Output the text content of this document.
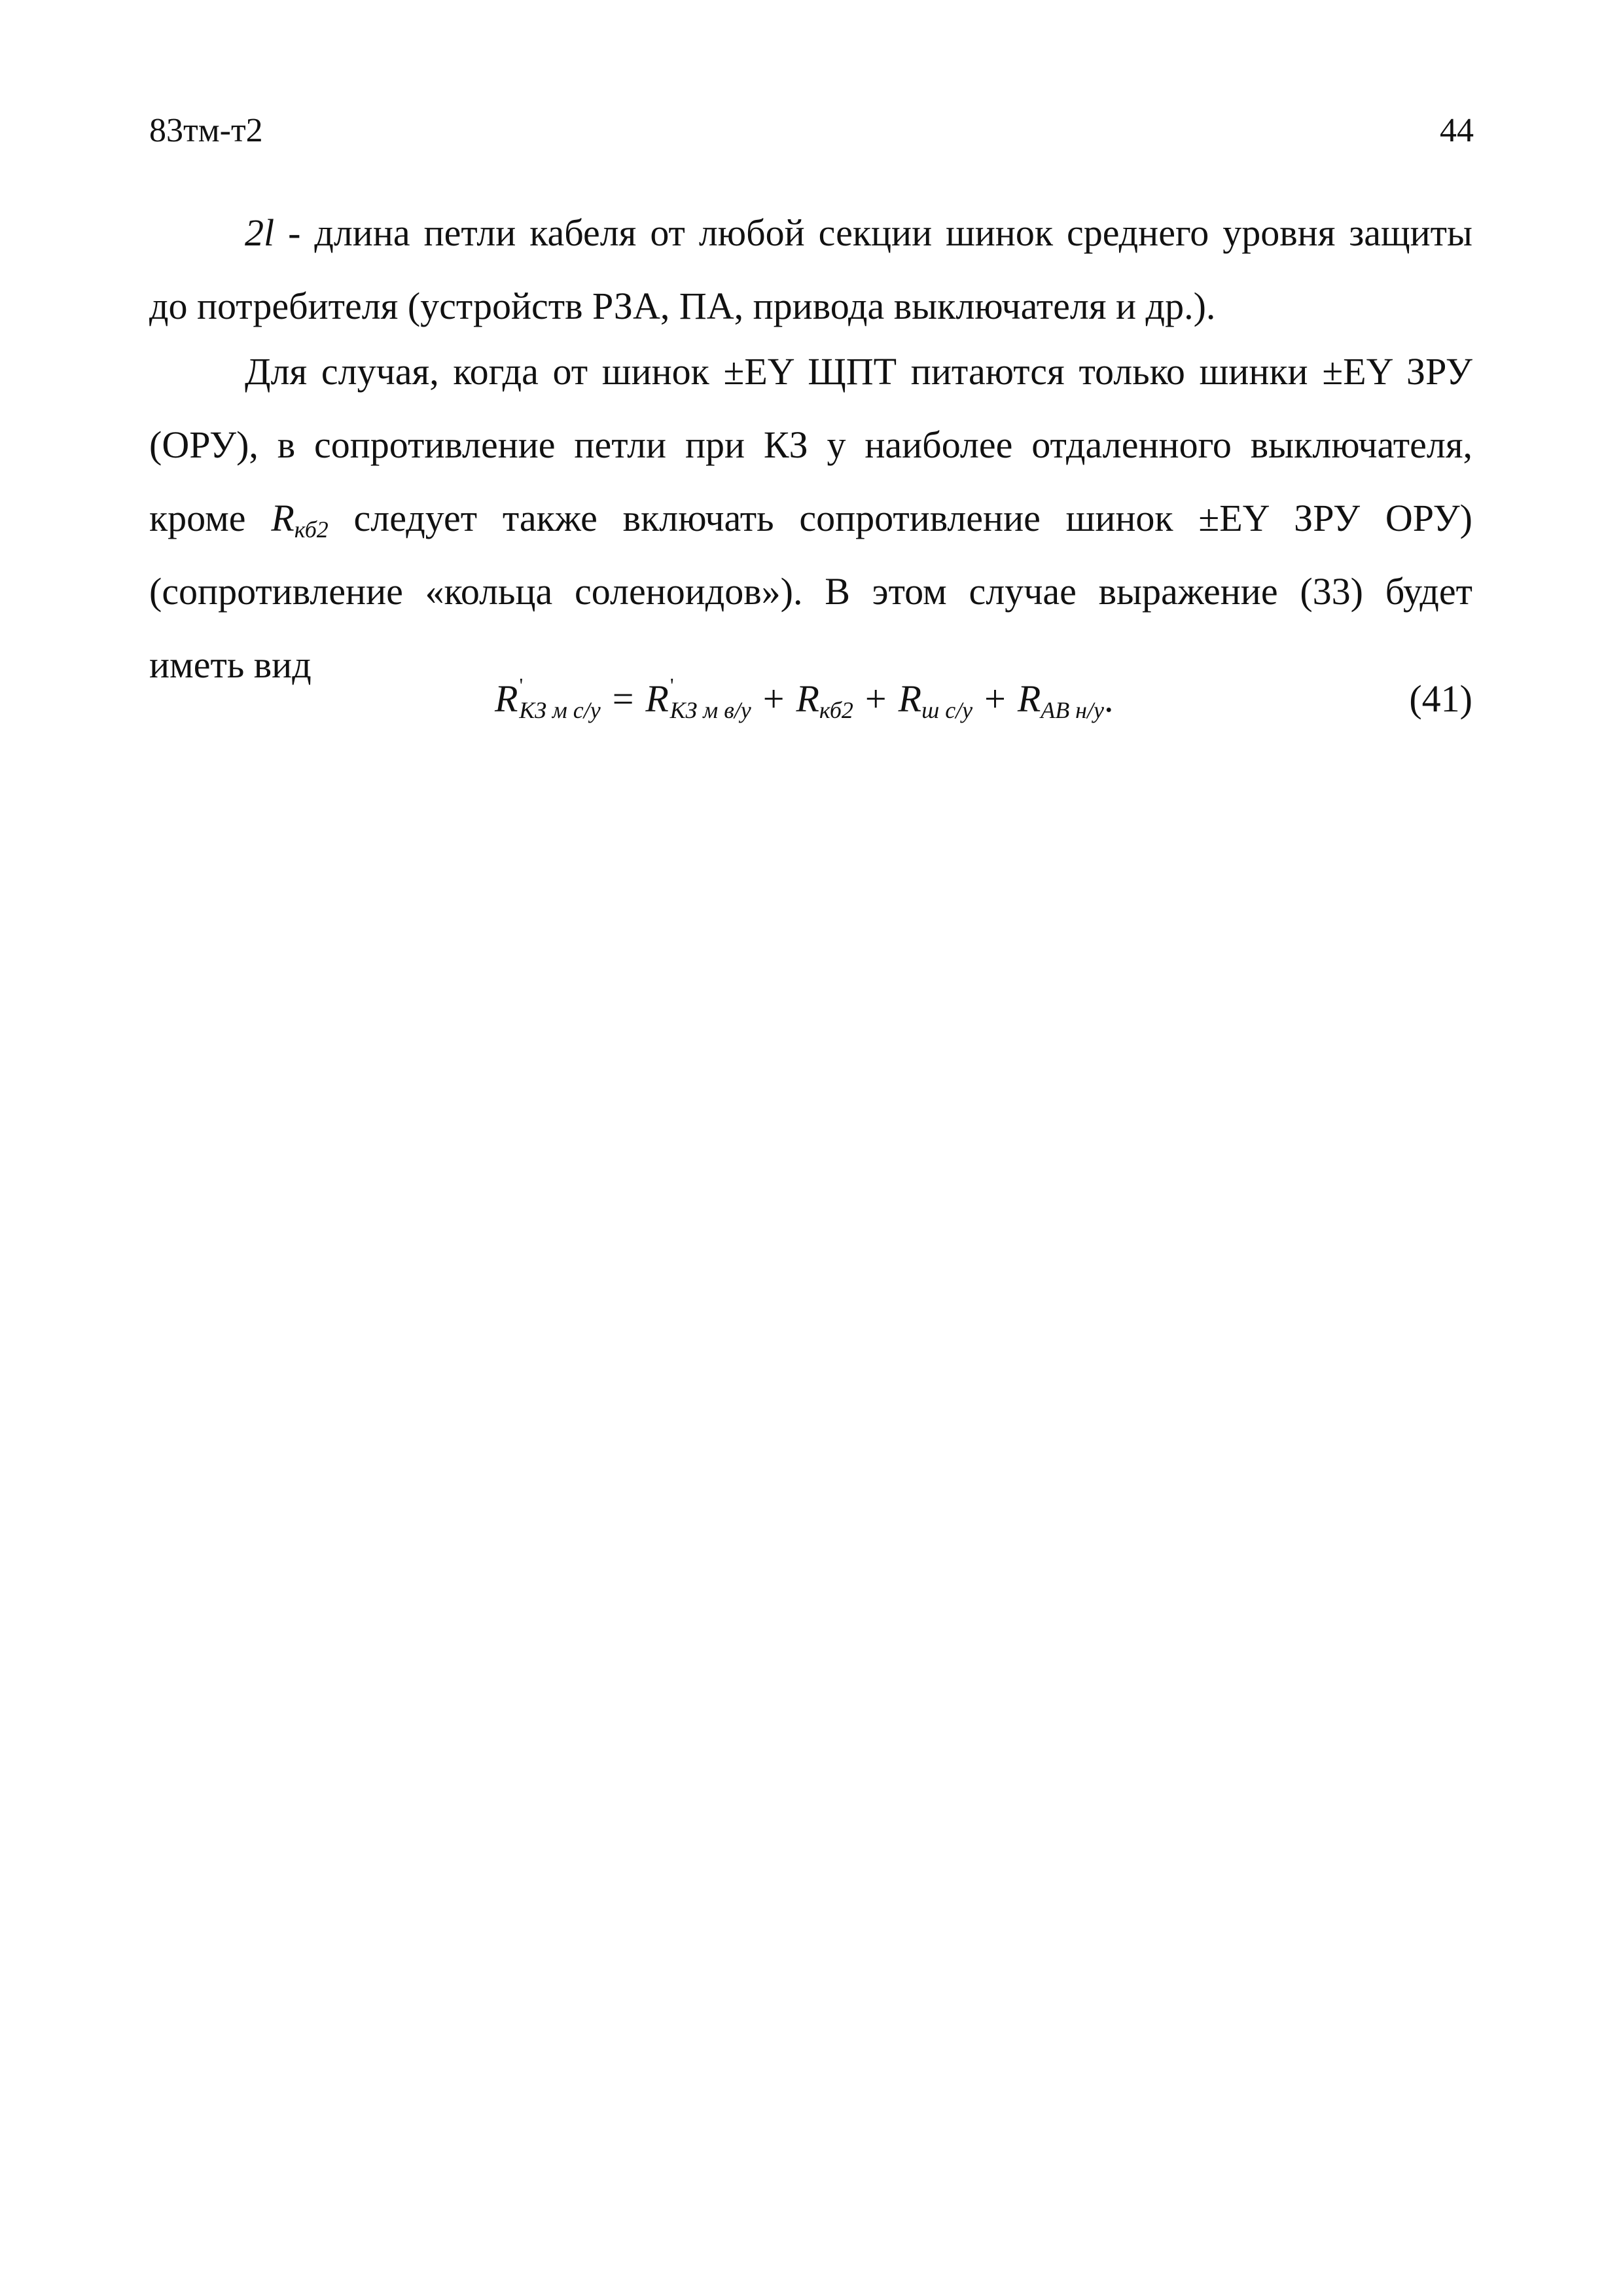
83тм-т2	44
2l - длина петли кабеля от любой секции шинок среднего уровня защиты до потребителя (устройств РЗА, ПА, привода выключателя и др.).
Для случая, когда от шинок ±EY ЩПТ питаются только шинки ±EY ЗРУ (ОРУ), в сопротивление петли при КЗ у наиболее отдаленного выключателя, кроме $R_{кб2}$ следует также включать сопротивление шинок ±EY ЗРУ ОРУ) (сопротивление «кольца соленоидов»). В этом случае выражение (33) будет иметь вид
$R'_{КЗ м с/у} = R'_{КЗ м в/у} + R_{кб2} + R_{ш с/у} + R_{АВ н/у}$.	(41)
